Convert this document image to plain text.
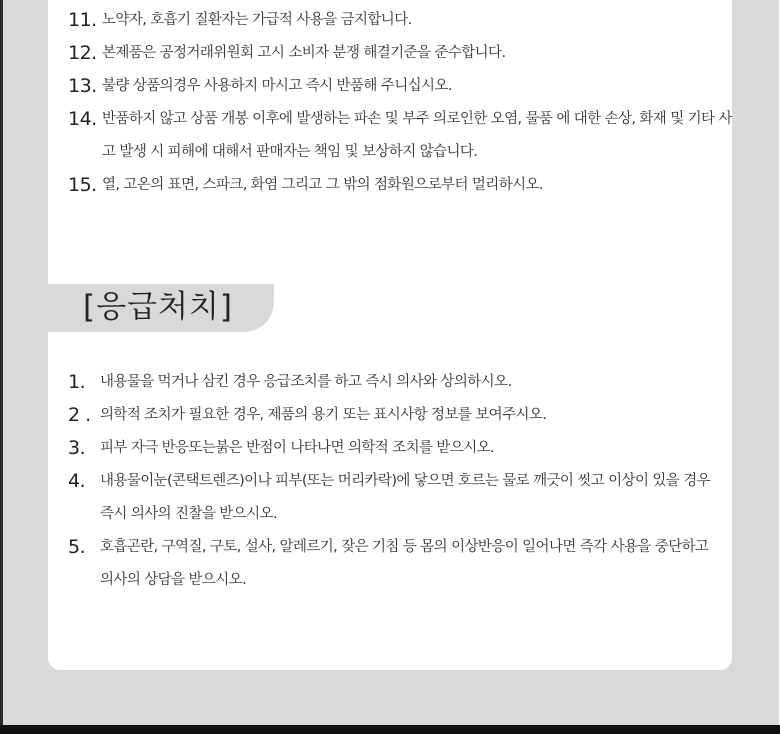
11. 노약자, 호흡기 질환자는 가급적 사용을 금지합니다.
12. 본제품은 공정거래위원회 고시 소비자 분쟁 해결기준을 준수합니다.
13. 불량 상품의경우 사용하지 마시고 즉시 반품해 주니십시오.
14. 반품하지 않고 상품 개봉 이후에 발생하는 파손 및 부주 의로인한 오염, 물품 에 대한 손상, 화재 및 기타 사고 발생 시 피해에 대해서 판매자는 책임 및 보상하지 않습니다.
15. 열, 고온의 표면, 스파크, 화염 그리고 그 밖의 점화원으로부터 멀리하시오.
1.	내용물을 먹거나 삼킨 경우 응급조치를 하고 즉시 의사와 상의하시오.
2 . 의학적 조치가 필요한 경우, 제품의 용기 또는 표시사항 정보를 보여주시오.
3.	피부 자극 반응또는붉은 반점이 나타나면 의학적 조치를 받으시오.
4.	내용물이눈(콘택트렌즈)이나 피부(또는 머리카락)에 닿으면 호르는 물로 깨긋이 씻고 이상이 있을 경우 즉시 의사의 진찰을 받으시오.
5.	호흡곤란, 구역질, 구토, 설사, 알레르기, 잦은 기침 등 몸의 이상반응이 일어나면 즉각 사용을 중단하고 의사의 상담을 받으시오.
[응급처치]
